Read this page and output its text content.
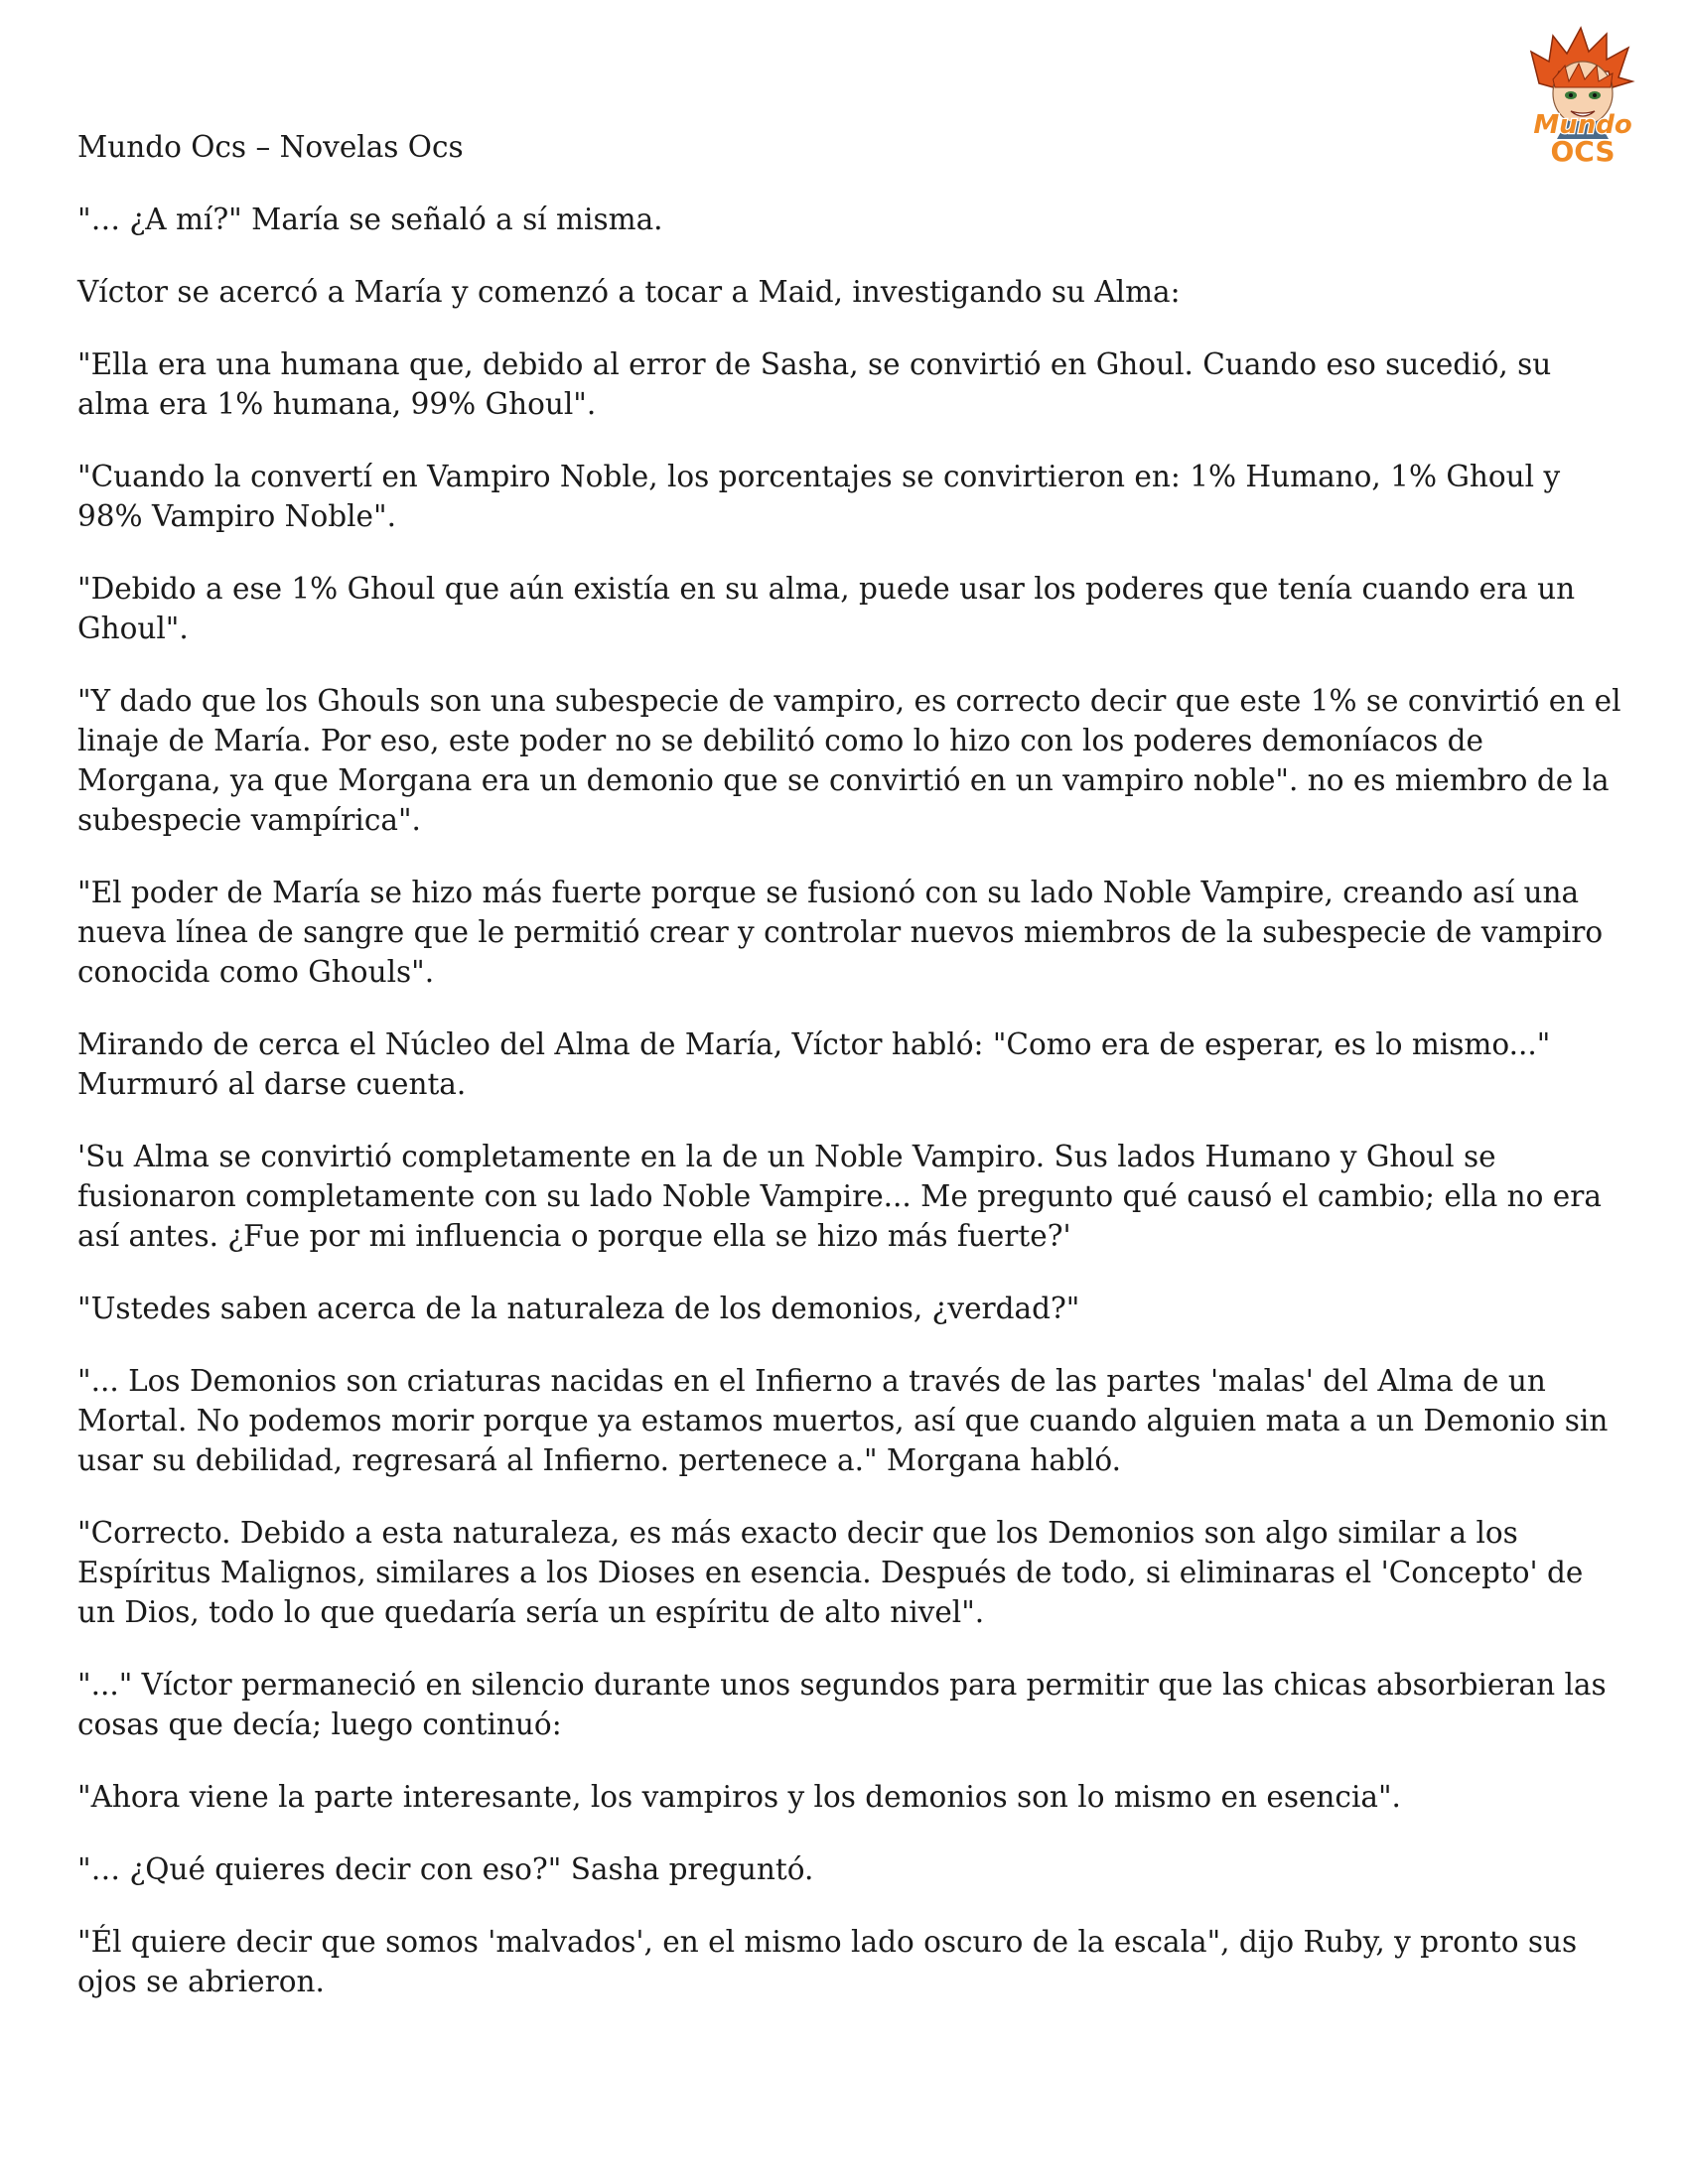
Mundo
OCS

Mundo Ocs – Novelas Ocs

"… ¿A mí?" María se señaló a sí misma.

Víctor se acercó a María y comenzó a tocar a Maid, investigando su Alma:

"Ella era una humana que, debido al error de Sasha, se convirtió en Ghoul. Cuando eso sucedió, su alma era 1% humana, 99% Ghoul".

"Cuando la convertí en Vampiro Noble, los porcentajes se convirtieron en: 1% Humano, 1% Ghoul y 98% Vampiro Noble".

"Debido a ese 1% Ghoul que aún existía en su alma, puede usar los poderes que tenía cuando era un Ghoul".

"Y dado que los Ghouls son una subespecie de vampiro, es correcto decir que este 1% se convirtió en el linaje de María. Por eso, este poder no se debilitó como lo hizo con los poderes demoníacos de Morgana, ya que Morgana era un demonio que se convirtió en un vampiro noble". no es miembro de la subespecie vampírica".

"El poder de María se hizo más fuerte porque se fusionó con su lado Noble Vampire, creando así una nueva línea de sangre que le permitió crear y controlar nuevos miembros de la subespecie de vampiro conocida como Ghouls".

Mirando de cerca el Núcleo del Alma de María, Víctor habló: "Como era de esperar, es lo mismo..." Murmuró al darse cuenta.

'Su Alma se convirtió completamente en la de un Noble Vampiro. Sus lados Humano y Ghoul se fusionaron completamente con su lado Noble Vampire... Me pregunto qué causó el cambio; ella no era así antes. ¿Fue por mi influencia o porque ella se hizo más fuerte?'

"Ustedes saben acerca de la naturaleza de los demonios, ¿verdad?"

"... Los Demonios son criaturas nacidas en el Infierno a través de las partes 'malas' del Alma de un Mortal. No podemos morir porque ya estamos muertos, así que cuando alguien mata a un Demonio sin usar su debilidad, regresará al Infierno. pertenece a." Morgana habló.

"Correcto. Debido a esta naturaleza, es más exacto decir que los Demonios son algo similar a los Espíritus Malignos, similares a los Dioses en esencia. Después de todo, si eliminaras el 'Concepto' de un Dios, todo lo que quedaría sería un espíritu de alto nivel".

"..." Víctor permaneció en silencio durante unos segundos para permitir que las chicas absorbieran las cosas que decía; luego continuó:

"Ahora viene la parte interesante, los vampiros y los demonios son lo mismo en esencia".

"… ¿Qué quieres decir con eso?" Sasha preguntó.

"Él quiere decir que somos 'malvados', en el mismo lado oscuro de la escala", dijo Ruby, y pronto sus ojos se abrieron.
